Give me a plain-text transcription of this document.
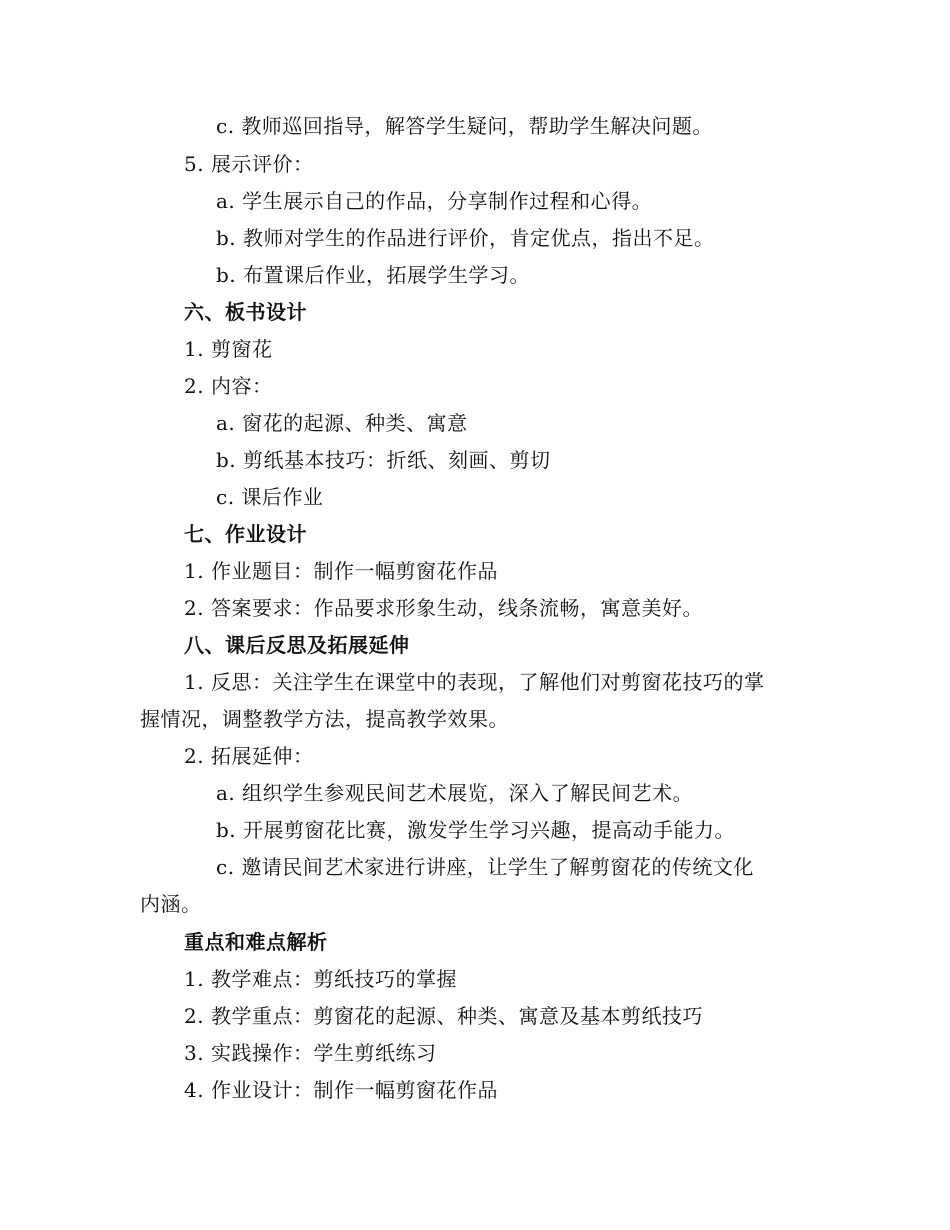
c. 教师巡回指导，解答学生疑问，帮助学生解决问题。
5. 展示评价：
a. 学生展示自己的作品，分享制作过程和心得。
b. 教师对学生的作品进行评价，肯定优点，指出不足。
b. 布置课后作业，拓展学生学习。
六、板书设计
1. 剪窗花
2. 内容：
a. 窗花的起源、种类、寓意
b. 剪纸基本技巧：折纸、刻画、剪切
c. 课后作业
七、作业设计
1. 作业题目：制作一幅剪窗花作品
2. 答案要求：作品要求形象生动，线条流畅，寓意美好。
八、课后反思及拓展延伸
1. 反思：关注学生在课堂中的表现，了解他们对剪窗花技巧的掌
握情况，调整教学方法，提高教学效果。
2. 拓展延伸：
a. 组织学生参观民间艺术展览，深入了解民间艺术。
b. 开展剪窗花比赛，激发学生学习兴趣，提高动手能力。
c. 邀请民间艺术家进行讲座，让学生了解剪窗花的传统文化
内涵。
重点和难点解析
1. 教学难点：剪纸技巧的掌握
2. 教学重点：剪窗花的起源、种类、寓意及基本剪纸技巧
3. 实践操作：学生剪纸练习
4. 作业设计：制作一幅剪窗花作品
